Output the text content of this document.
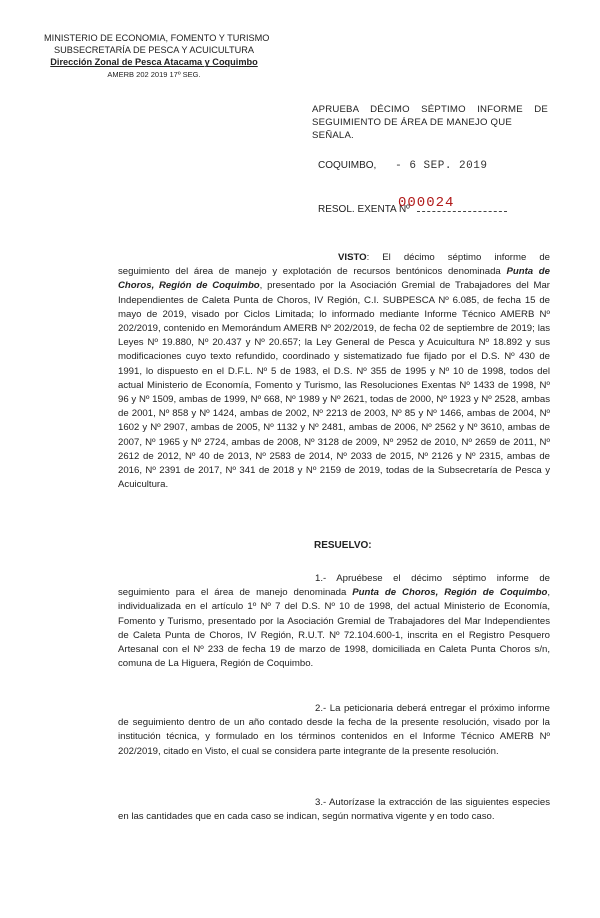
MINISTERIO DE ECONOMIA, FOMENTO Y TURISMO
SUBSECRETARÍA DE PESCA Y ACUICULTURA
Dirección Zonal de Pesca Atacama y Coquimbo
AMERB 202 2019 17º SEG.
APRUEBA DÉCIMO SÉPTIMO INFORME DE
SEGUIMIENTO DE ÁREA DE MANEJO QUE SEÑALA.
COQUIMBO, - 6 SEP. 2019
RESOL. EXENTA Nº
000024

VISTO: El décimo séptimo informe de seguimiento del área de manejo y explotación de recursos bentónicos denominada Punta de Choros, Región de Coquimbo, presentado por la Asociación Gremial de Trabajadores del Mar Independientes de Caleta Punta de Choros, IV Región, C.I. SUBPESCA Nº 6.085, de fecha 15 de mayo de 2019, visado por Ciclos Limitada; lo informado mediante Informe Técnico AMERB Nº 202/2019, contenido en Memorándum AMERB Nº 202/2019, de fecha 02 de septiembre de 2019; las Leyes Nº 19.880, Nº 20.437 y Nº 20.657; la Ley General de Pesca y Acuicultura Nº 18.892 y sus modificaciones cuyo texto refundido, coordinado y sistematizado fue fijado por el D.S. Nº 430 de 1991, lo dispuesto en el D.F.L. Nº 5 de 1983, el D.S. Nº 355 de 1995 y Nº 10 de 1998, todos del actual Ministerio de Economía, Fomento y Turismo, las Resoluciones Exentas Nº 1433 de 1998, Nº 96 y Nº 1509, ambas de 1999, Nº 668, Nº 1989 y Nº 2621, todas de 2000, Nº 1923 y Nº 2528, ambas de 2001, Nº 858 y Nº 1424, ambas de 2002, Nº 2213 de 2003, Nº 85 y Nº 1466, ambas de 2004, Nº 1602 y Nº 2907, ambas de 2005, Nº 1132 y Nº 2481, ambas de 2006, Nº 2562 y Nº 3610, ambas de 2007, Nº 1965 y Nº 2724, ambas de 2008, Nº 3128 de 2009, Nº 2952 de 2010, Nº 2659 de 2011, Nº 2612 de 2012, Nº 40 de 2013, Nº 2583 de 2014, Nº 2033 de 2015, Nº 2126 y Nº 2315, ambas de 2016, Nº 2391 de 2017, Nº 341 de 2018 y Nº 2159 de 2019, todas de la Subsecretaría de Pesca y Acuicultura.

RESUELVO:

1.- Apruébese el décimo séptimo informe de seguimiento para el área de manejo denominada Punta de Choros, Región de Coquimbo, individualizada en el artículo 1º Nº 7 del D.S. Nº 10 de 1998, del actual Ministerio de Economía, Fomento y Turismo, presentado por la Asociación Gremial de Trabajadores del Mar Independientes de Caleta Punta de Choros, IV Región, R.U.T. Nº 72.104.600-1, inscrita en el Registro Pesquero Artesanal con el Nº 233 de fecha 19 de marzo de 1998, domiciliada en Caleta Punta Choros s/n, comuna de La Higuera, Región de Coquimbo.

2.- La peticionaria deberá entregar el próximo informe de seguimiento dentro de un año contado desde la fecha de la presente resolución, visado por la institución técnica, y formulado en los términos contenidos en el Informe Técnico AMERB Nº 202/2019, citado en Visto, el cual se considera parte integrante de la presente resolución.

3.- Autorízase la extracción de las siguientes especies en las cantidades que en cada caso se indican, según normativa vigente y en todo caso.
